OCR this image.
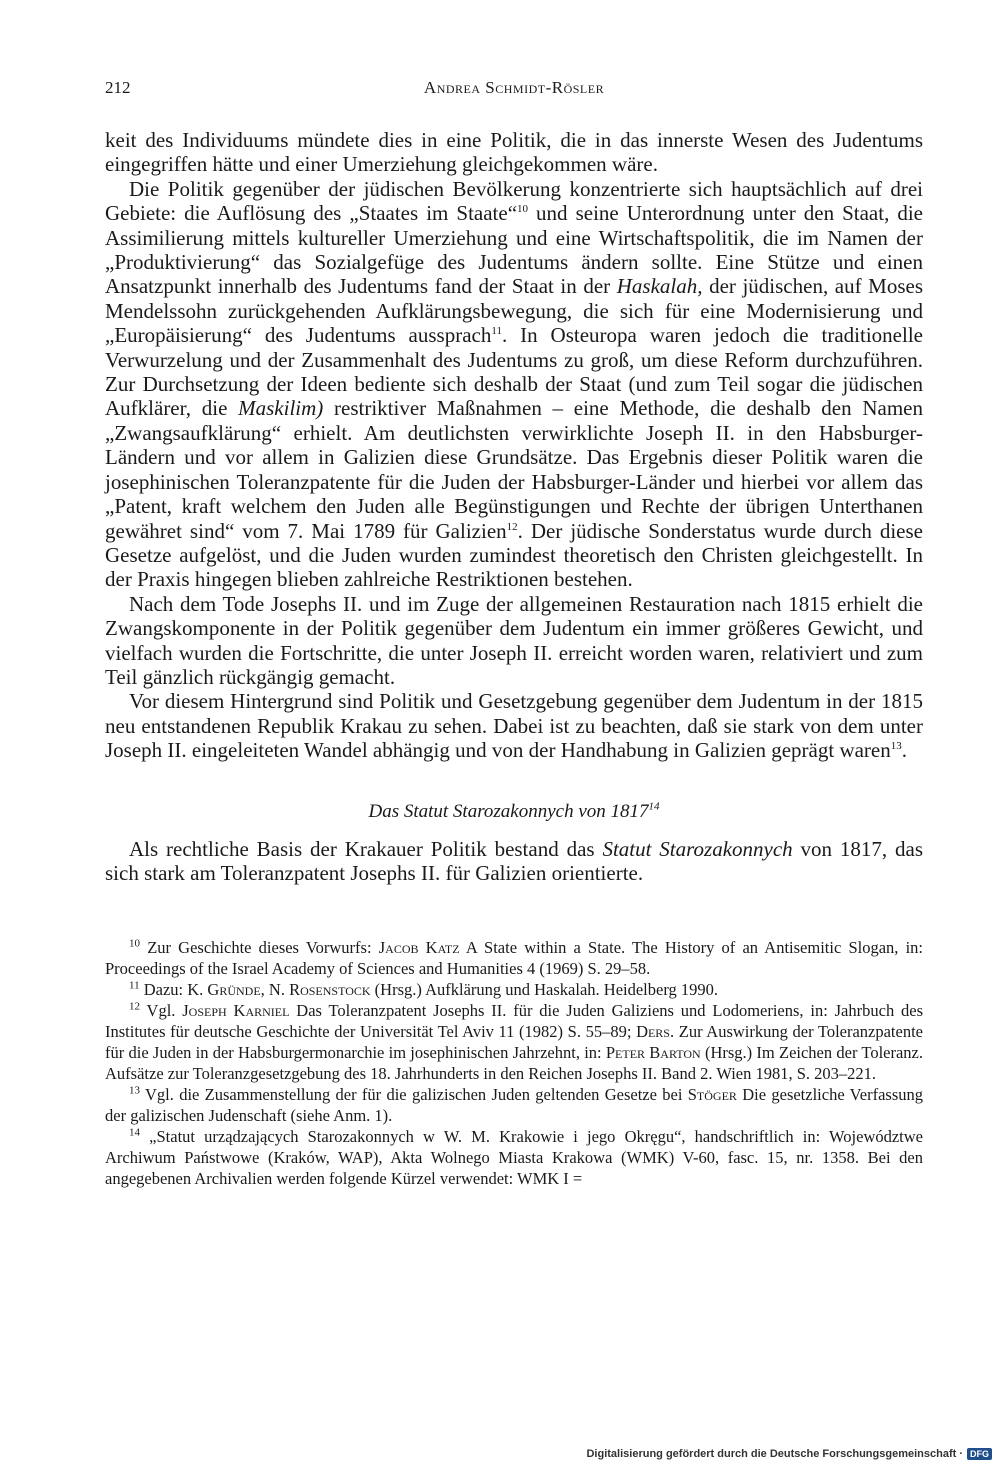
212	Andrea Schmidt-Rösler

keit des Individuums mündete dies in eine Politik, die in das innerste Wesen des Judentums eingegriffen hätte und einer Umerziehung gleichgekommen wäre.

Die Politik gegenüber der jüdischen Bevölkerung konzentrierte sich hauptsächlich auf drei Gebiete: die Auflösung des „Staates im Staate“$^{10}$ und seine Unterordnung unter den Staat, die Assimilierung mittels kultureller Umerziehung und eine Wirtschaftspolitik, die im Namen der „Produktivierung“ das Sozialgefüge des Judentums ändern sollte. Eine Stütze und einen Ansatzpunkt innerhalb des Judentums fand der Staat in der Haskalah, der jüdischen, auf Moses Mendelssohn zurückgehenden Aufklärungsbewegung, die sich für eine Modernisierung und „Europäisierung“ des Judentums aussprach$^{11}$. In Osteuropa waren jedoch die traditionelle Verwurzelung und der Zusammenhalt des Judentums zu groß, um diese Reform durchzuführen. Zur Durchsetzung der Ideen bediente sich deshalb der Staat (und zum Teil sogar die jüdischen Aufklärer, die Maskilim) restriktiver Maßnahmen – eine Methode, die deshalb den Namen „Zwangsaufklärung“ erhielt. Am deutlichsten verwirklichte Joseph II. in den Habsburger-Ländern und vor allem in Galizien diese Grundsätze. Das Ergebnis dieser Politik waren die josephinischen Toleranzpatente für die Juden der Habsburger-Länder und hierbei vor allem das „Patent, kraft welchem den Juden alle Begünstigungen und Rechte der übrigen Unterthanen gewähret sind“ vom 7. Mai 1789 für Galizien$^{12}$. Der jüdische Sonderstatus wurde durch diese Gesetze aufgelöst, und die Juden wurden zumindest theoretisch den Christen gleichgestellt. In der Praxis hingegen blieben zahlreiche Restriktionen bestehen.

Nach dem Tode Josephs II. und im Zuge der allgemeinen Restauration nach 1815 erhielt die Zwangskomponente in der Politik gegenüber dem Judentum ein immer größeres Gewicht, und vielfach wurden die Fortschritte, die unter Joseph II. erreicht worden waren, relativiert und zum Teil gänzlich rückgängig gemacht.

Vor diesem Hintergrund sind Politik und Gesetzgebung gegenüber dem Judentum in der 1815 neu entstandenen Republik Krakau zu sehen. Dabei ist zu beachten, daß sie stark von dem unter Joseph II. eingeleiteten Wandel abhängig und von der Handhabung in Galizien geprägt waren$^{13}$.

Das Statut Starozakonnych von 1817$^{14}$

Als rechtliche Basis der Krakauer Politik bestand das Statut Starozakonnych von 1817, das sich stark am Toleranzpatent Josephs II. für Galizien orientierte.

$^{10}$ Zur Geschichte dieses Vorwurfs: Jacob Katz A State within a State. The History of an Antisemitic Slogan, in: Proceedings of the Israel Academy of Sciences and Humanities 4 (1969) S. 29–58.

$^{11}$ Dazu: K. Gründe, N. Rosenstock (Hrsg.) Aufklärung und Haskalah. Heidelberg 1990.

$^{12}$ Vgl. Joseph Karniel Das Toleranzpatent Josephs II. für die Juden Galiziens und Lodomeriens, in: Jahrbuch des Institutes für deutsche Geschichte der Universität Tel Aviv 11 (1982) S. 55–89; Ders. Zur Auswirkung der Toleranzpatente für die Juden in der Habsburgermonarchie im josephinischen Jahrzehnt, in: Peter Barton (Hrsg.) Im Zeichen der Toleranz. Aufsätze zur Toleranzgesetzgebung des 18. Jahrhunderts in den Reichen Josephs II. Band 2. Wien 1981, S. 203–221.

$^{13}$ Vgl. die Zusammenstellung der für die galizischen Juden geltenden Gesetze bei Stöger Die gesetzliche Verfassung der galizischen Judenschaft (siehe Anm. 1).

$^{14}$ „Statut urządzających Starozakonnych w W. M. Krakowie i jego Okręgu“, handschriftlich in: Województwe Archiwum Państwowe (Kraków, WAP), Akta Wolnego Miasta Krakowa (WMK) V-60, fasc. 15, nr. 1358. Bei den angegebenen Archivalien werden folgende Kürzel verwendet: WMK I =

Digitalisierung gefördert durch die Deutsche Forschungsgemeinschaft · DFG
